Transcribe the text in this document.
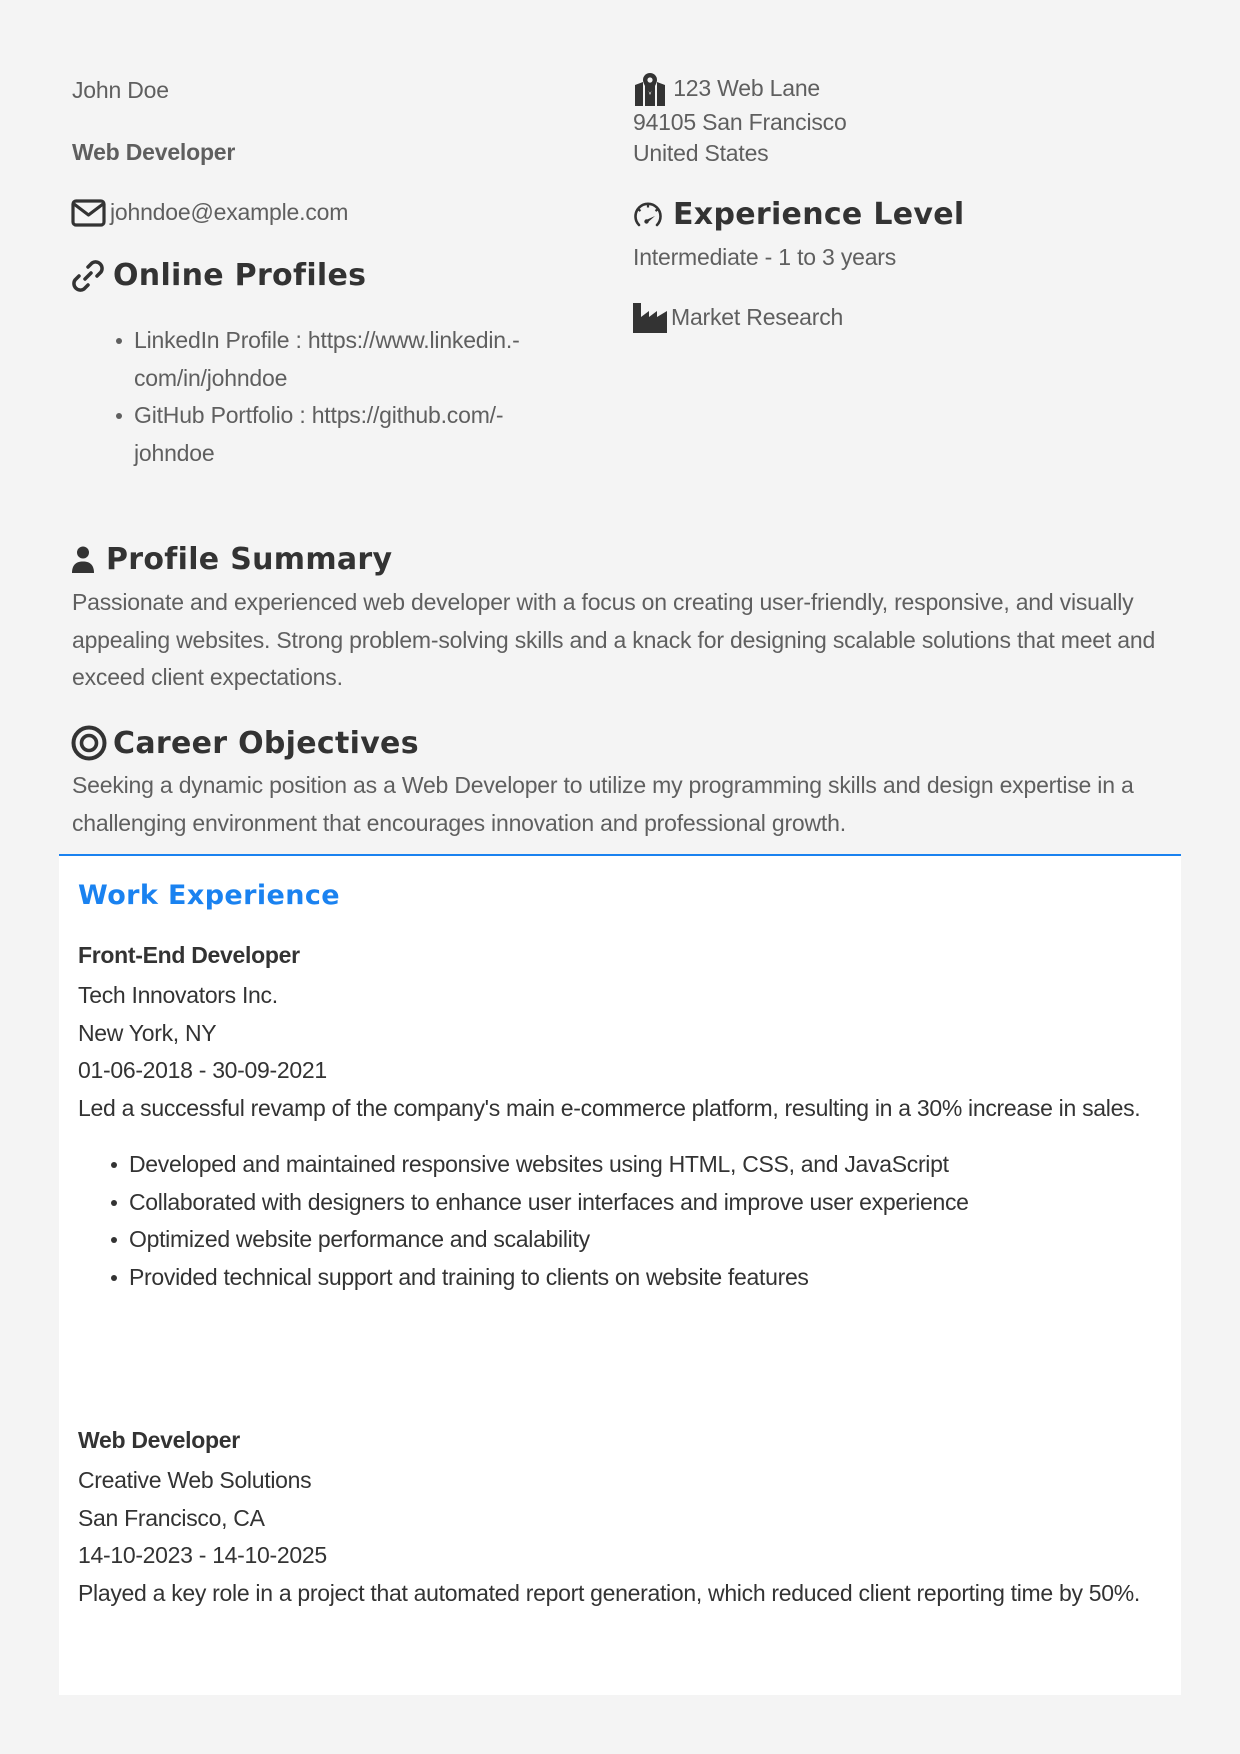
John Doe
Web Developer
johndoe@example.com
Online Profiles
LinkedIn Profile : https://www.linkedin.-com/in/johndoe
GitHub Portfolio : https://github.com/-johndoe
123 Web Lane
94105 San Francisco
United States
Experience Level
Intermediate - 1 to 3 years
Market Research
Profile Summary
Passionate and experienced web developer with a focus on creating user-friendly, responsive, and visually appealing websites. Strong problem-solving skills and a knack for designing scalable solutions that meet and exceed client expectations.
Career Objectives
Seeking a dynamic position as a Web Developer to utilize my programming skills and design expertise in a challenging environment that encourages innovation and professional growth.
Work Experience
Front-End Developer
Tech Innovators Inc.
New York, NY
01-06-2018 - 30-09-2021
Led a successful revamp of the company's main e-commerce platform, resulting in a 30% increase in sales.
Developed and maintained responsive websites using HTML, CSS, and JavaScript
Collaborated with designers to enhance user interfaces and improve user experience
Optimized website performance and scalability
Provided technical support and training to clients on website features
Web Developer
Creative Web Solutions
San Francisco, CA
14-10-2023 - 14-10-2025
Played a key role in a project that automated report generation, which reduced client reporting time by 50%.
